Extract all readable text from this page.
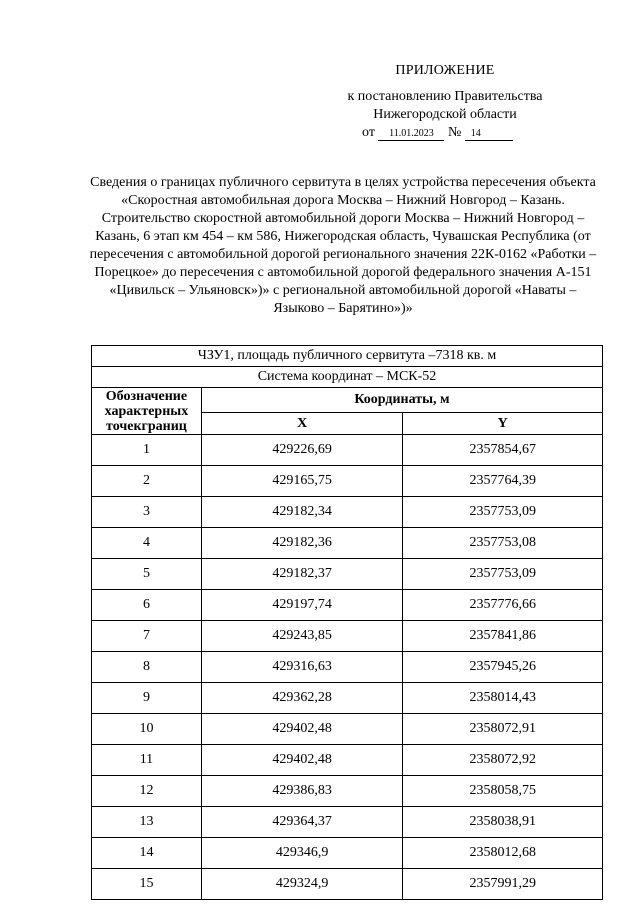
ПРИЛОЖЕНИЕ
к постановлению Правительства
Нижегородской области
от 11.01.2023 № 14
Сведения о границах публичного сервитута в целях устройства пересечения объекта «Скоростная автомобильная дорога Москва – Нижний Новгород – Казань. Строительство скоростной автомобильной дороги Москва – Нижний Новгород – Казань, 6 этап км 454 – км 586, Нижегородская область, Чувашская Республика (от пересечения с автомобильной дорогой регионального значения 22К-0162 «Работки – Порецкое» до пересечения с автомобильной дорогой федерального значения А-151 «Цивильск – Ульяновск»)» с региональной автомобильной дорогой «Наваты – Языково – Барятино»)»
ЧЗУ1, площадь публичного сервитута –7318 кв. м		
Система координат – МСК-52		
Обозначение характерных точекграниц	Координаты, м	
	X	Y
1	429226,69	2357854,67
2	429165,75	2357764,39
3	429182,34	2357753,09
4	429182,36	2357753,08
5	429182,37	2357753,09
6	429197,74	2357776,66
7	429243,85	2357841,86
8	429316,63	2357945,26
9	429362,28	2358014,43
10	429402,48	2358072,91
11	429402,48	2358072,92
12	429386,83	2358058,75
13	429364,37	2358038,91
14	429346,9	2358012,68
15	429324,9	2357991,29
